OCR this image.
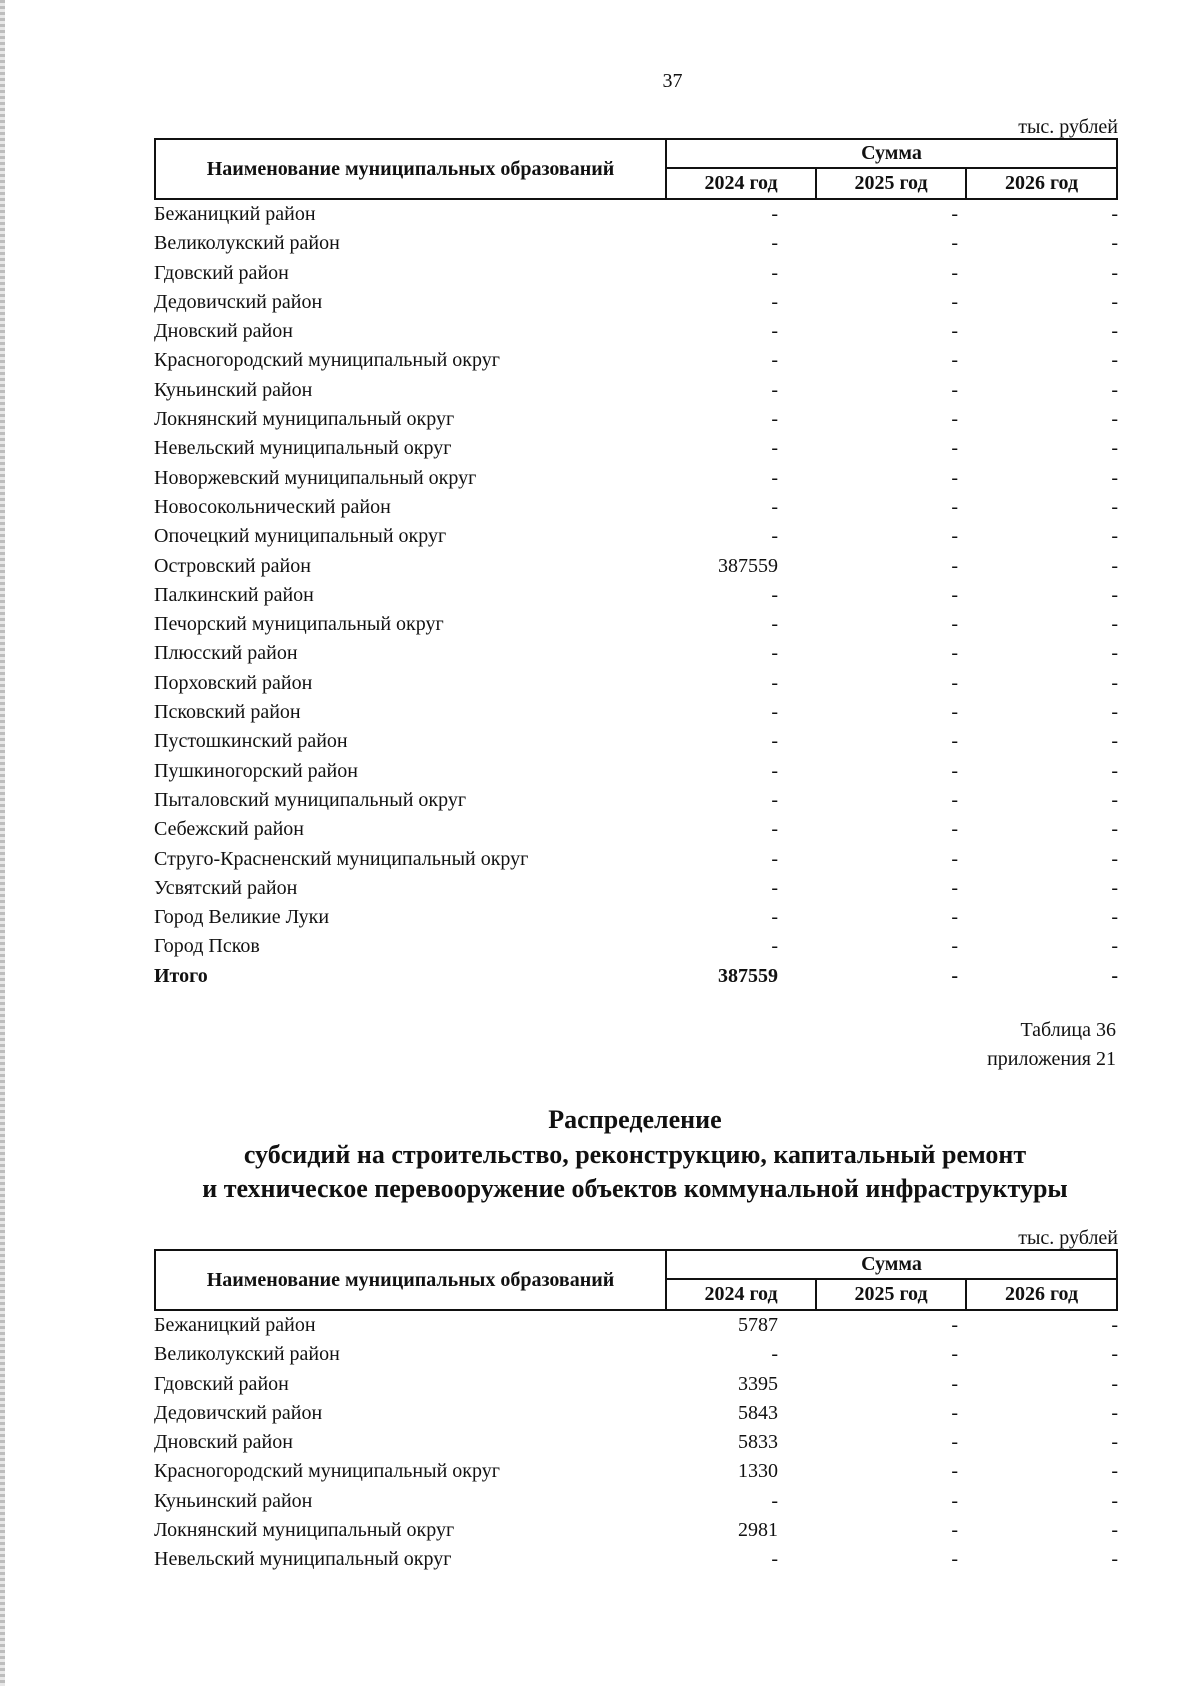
37
тыс. рублей
Наименование муниципальных образований
Сумма
2024 год	2025 год	2026 год
Бежаницкий район	-	-	-
Великолукский район	-	-	-
Гдовский район	-	-	-
Дедовичский район	-	-	-
Дновский район	-	-	-
Красногородский муниципальный округ	-	-	-
Куньинский район	-	-	-
Локнянский муниципальный округ	-	-	-
Невельский муниципальный округ	-	-	-
Новоржевский муниципальный округ	-	-	-
Новосокольнический район	-	-	-
Опочецкий муниципальный округ	-	-	-
Островский район	387559	-	-
Палкинский район	-	-	-
Печорский муниципальный округ	-	-	-
Плюсский район	-	-	-
Порховский район	-	-	-
Псковский район	-	-	-
Пустошкинский район	-	-	-
Пушкиногорский район	-	-	-
Пыталовский муниципальный округ	-	-	-
Себежский район	-	-	-
Струго-Красненский муниципальный округ	-	-	-
Усвятский район	-	-	-
Город Великие Луки	-	-	-
Город Псков	-	-	-
Итого	387559	-	-
Таблица 36
приложения 21
Распределение
субсидий на строительство, реконструкцию, капитальный ремонт
и техническое перевооружение объектов коммунальной инфраструктуры
тыс. рублей
Наименование муниципальных образований
Сумма
2024 год	2025 год	2026 год
Бежаницкий район	5787	-	-
Великолукский район	-	-	-
Гдовский район	3395	-	-
Дедовичский район	5843	-	-
Дновский район	5833	-	-
Красногородский муниципальный округ	1330	-	-
Куньинский район	-	-	-
Локнянский муниципальный округ	2981	-	-
Невельский муниципальный округ	-	-	-
